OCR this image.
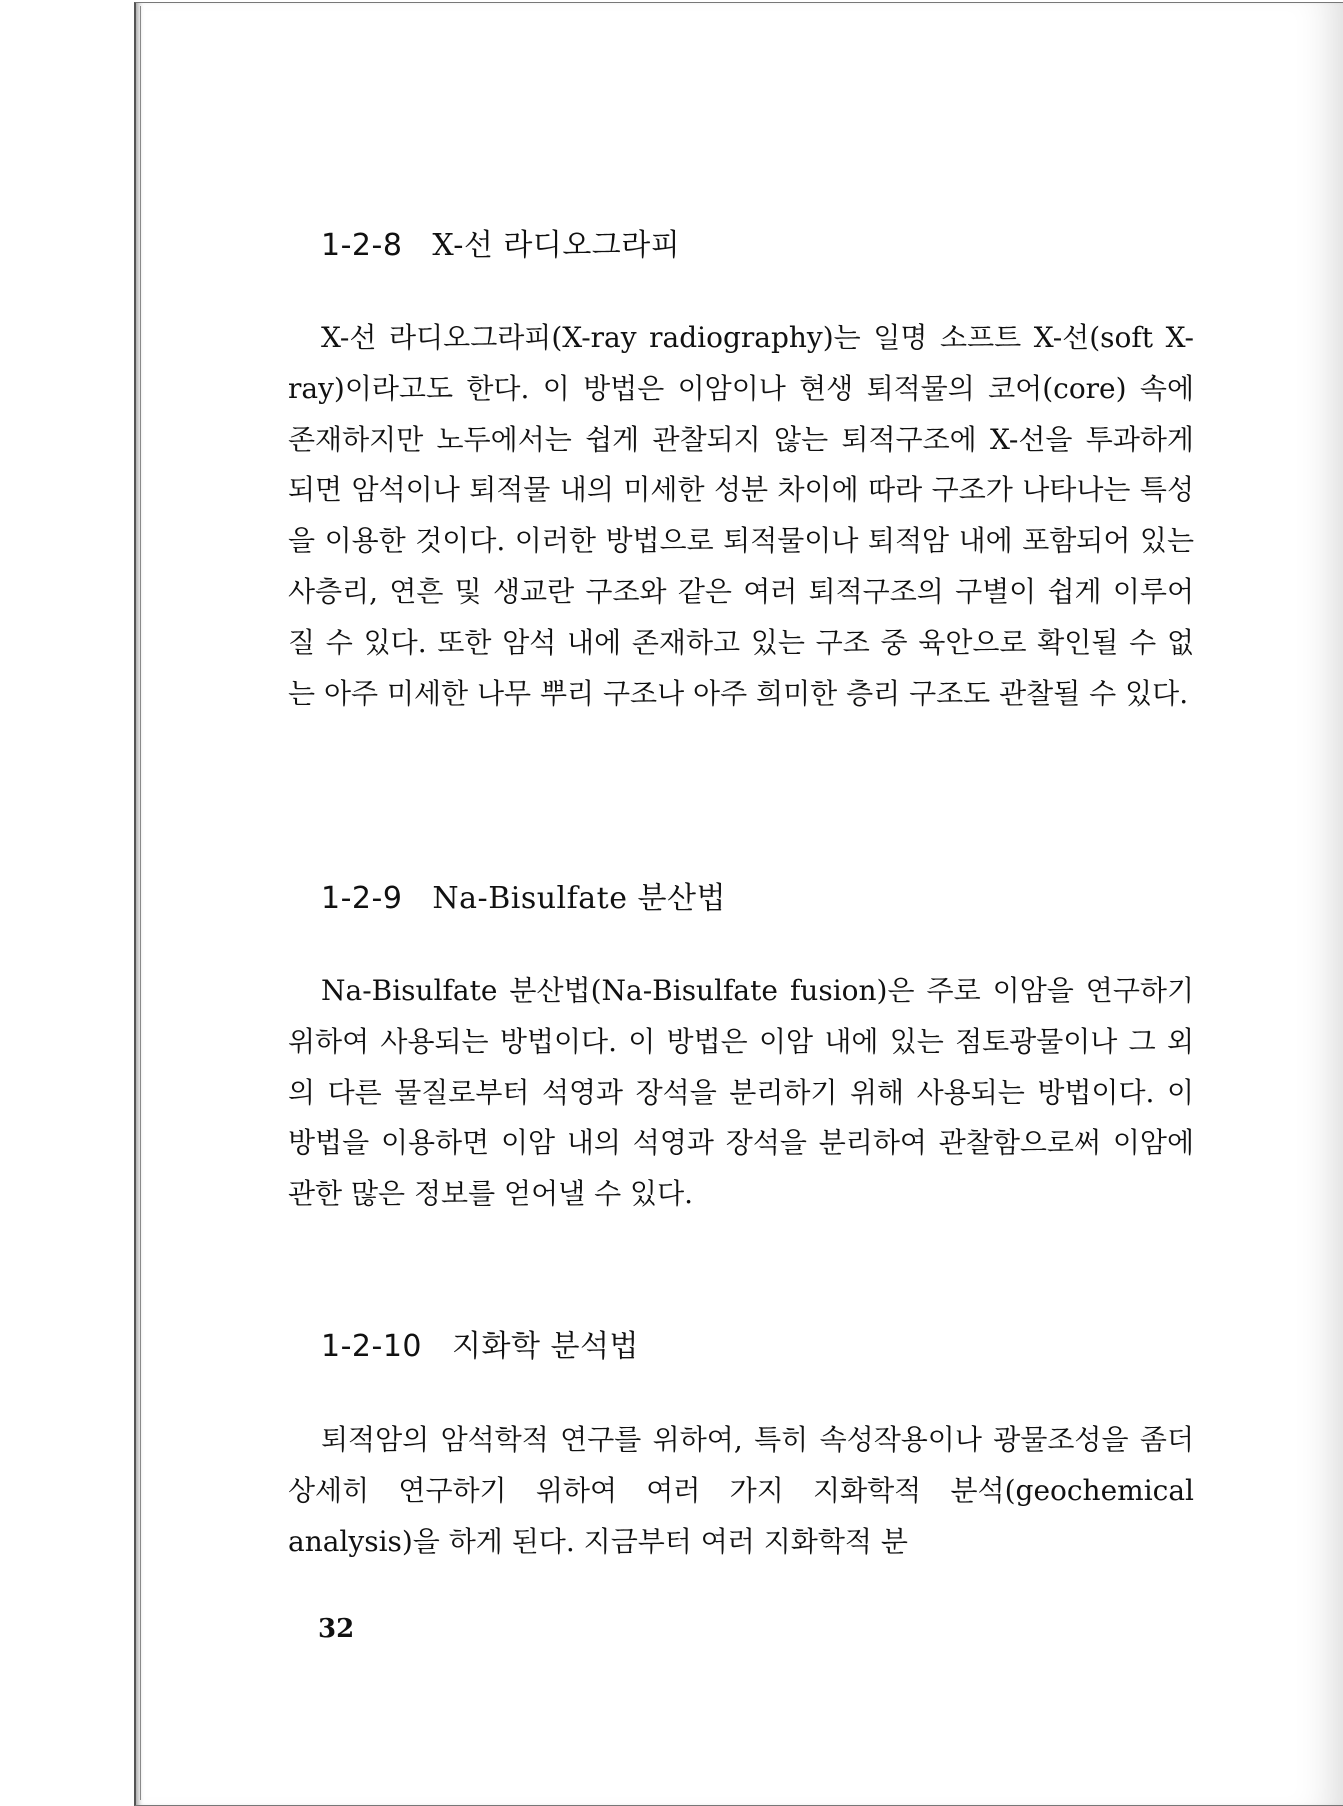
1-2-8 X-선 라디오그라피

X-선 라디오그라피(X-ray radiography)는 일명 소프트 X-선(soft X-ray)이라고도 한다. 이 방법은 이암이나 현생 퇴적물의 코어(core) 속에 존재하지만 노두에서는 쉽게 관찰되지 않는 퇴적구조에 X-선을 투과하게 되면 암석이나 퇴적물 내의 미세한 성분 차이에 따라 구조가 나타나는 특성을 이용한 것이다. 이러한 방법으로 퇴적물이나 퇴적암 내에 포함되어 있는 사층리, 연흔 및 생교란 구조와 같은 여러 퇴적구조의 구별이 쉽게 이루어질 수 있다. 또한 암석 내에 존재하고 있는 구조 중 육안으로 확인될 수 없는 아주 미세한 나무 뿌리 구조나 아주 희미한 층리 구조도 관찰될 수 있다.

1-2-9 Na-Bisulfate 분산법

Na-Bisulfate 분산법(Na-Bisulfate fusion)은 주로 이암을 연구하기 위하여 사용되는 방법이다. 이 방법은 이암 내에 있는 점토광물이나 그 외의 다른 물질로부터 석영과 장석을 분리하기 위해 사용되는 방법이다. 이 방법을 이용하면 이암 내의 석영과 장석을 분리하여 관찰함으로써 이암에 관한 많은 정보를 얻어낼 수 있다.

1-2-10 지화학 분석법

퇴적암의 암석학적 연구를 위하여, 특히 속성작용이나 광물조성을 좀더 상세히 연구하기 위하여 여러 가지 지화학적 분석(geochemical analysis)을 하게 된다. 지금부터 여러 지화학적 분

32
